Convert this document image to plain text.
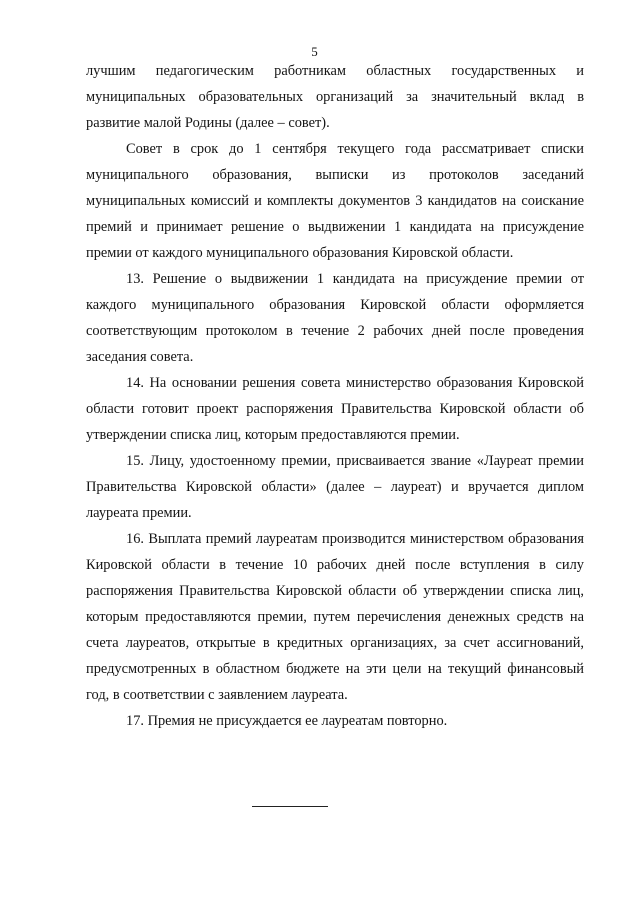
5

лучшим педагогическим работникам областных государственных и муниципальных образовательных организаций за значительный вклад в развитие малой Родины (далее – совет).

Совет в срок до 1 сентября текущего года рассматривает списки муниципального образования, выписки из протоколов заседаний муниципальных комиссий и комплекты документов 3 кандидатов на соискание премий и принимает решение о выдвижении 1 кандидата на присуждение премии от каждого муниципального образования Кировской области.

13. Решение о выдвижении 1 кандидата на присуждение премии от каждого муниципального образования Кировской области оформляется соответствующим протоколом в течение 2 рабочих дней после проведения заседания совета.

14. На основании решения совета министерство образования Кировской области готовит проект распоряжения Правительства Кировской области об утверждении списка лиц, которым предоставляются премии.

15. Лицу, удостоенному премии, присваивается звание «Лауреат премии Правительства Кировской области» (далее – лауреат) и вручается диплом лауреата премии.

16. Выплата премий лауреатам производится министерством образования Кировской области в течение 10 рабочих дней после вступления в силу распоряжения Правительства Кировской области об утверждении списка лиц, которым предоставляются премии, путем перечисления денежных средств на счета лауреатов, открытые в кредитных организациях, за счет ассигнований, предусмотренных в областном бюджете на эти цели на текущий финансовый год, в соответствии с заявлением лауреата.

17. Премия не присуждается ее лауреатам повторно.
